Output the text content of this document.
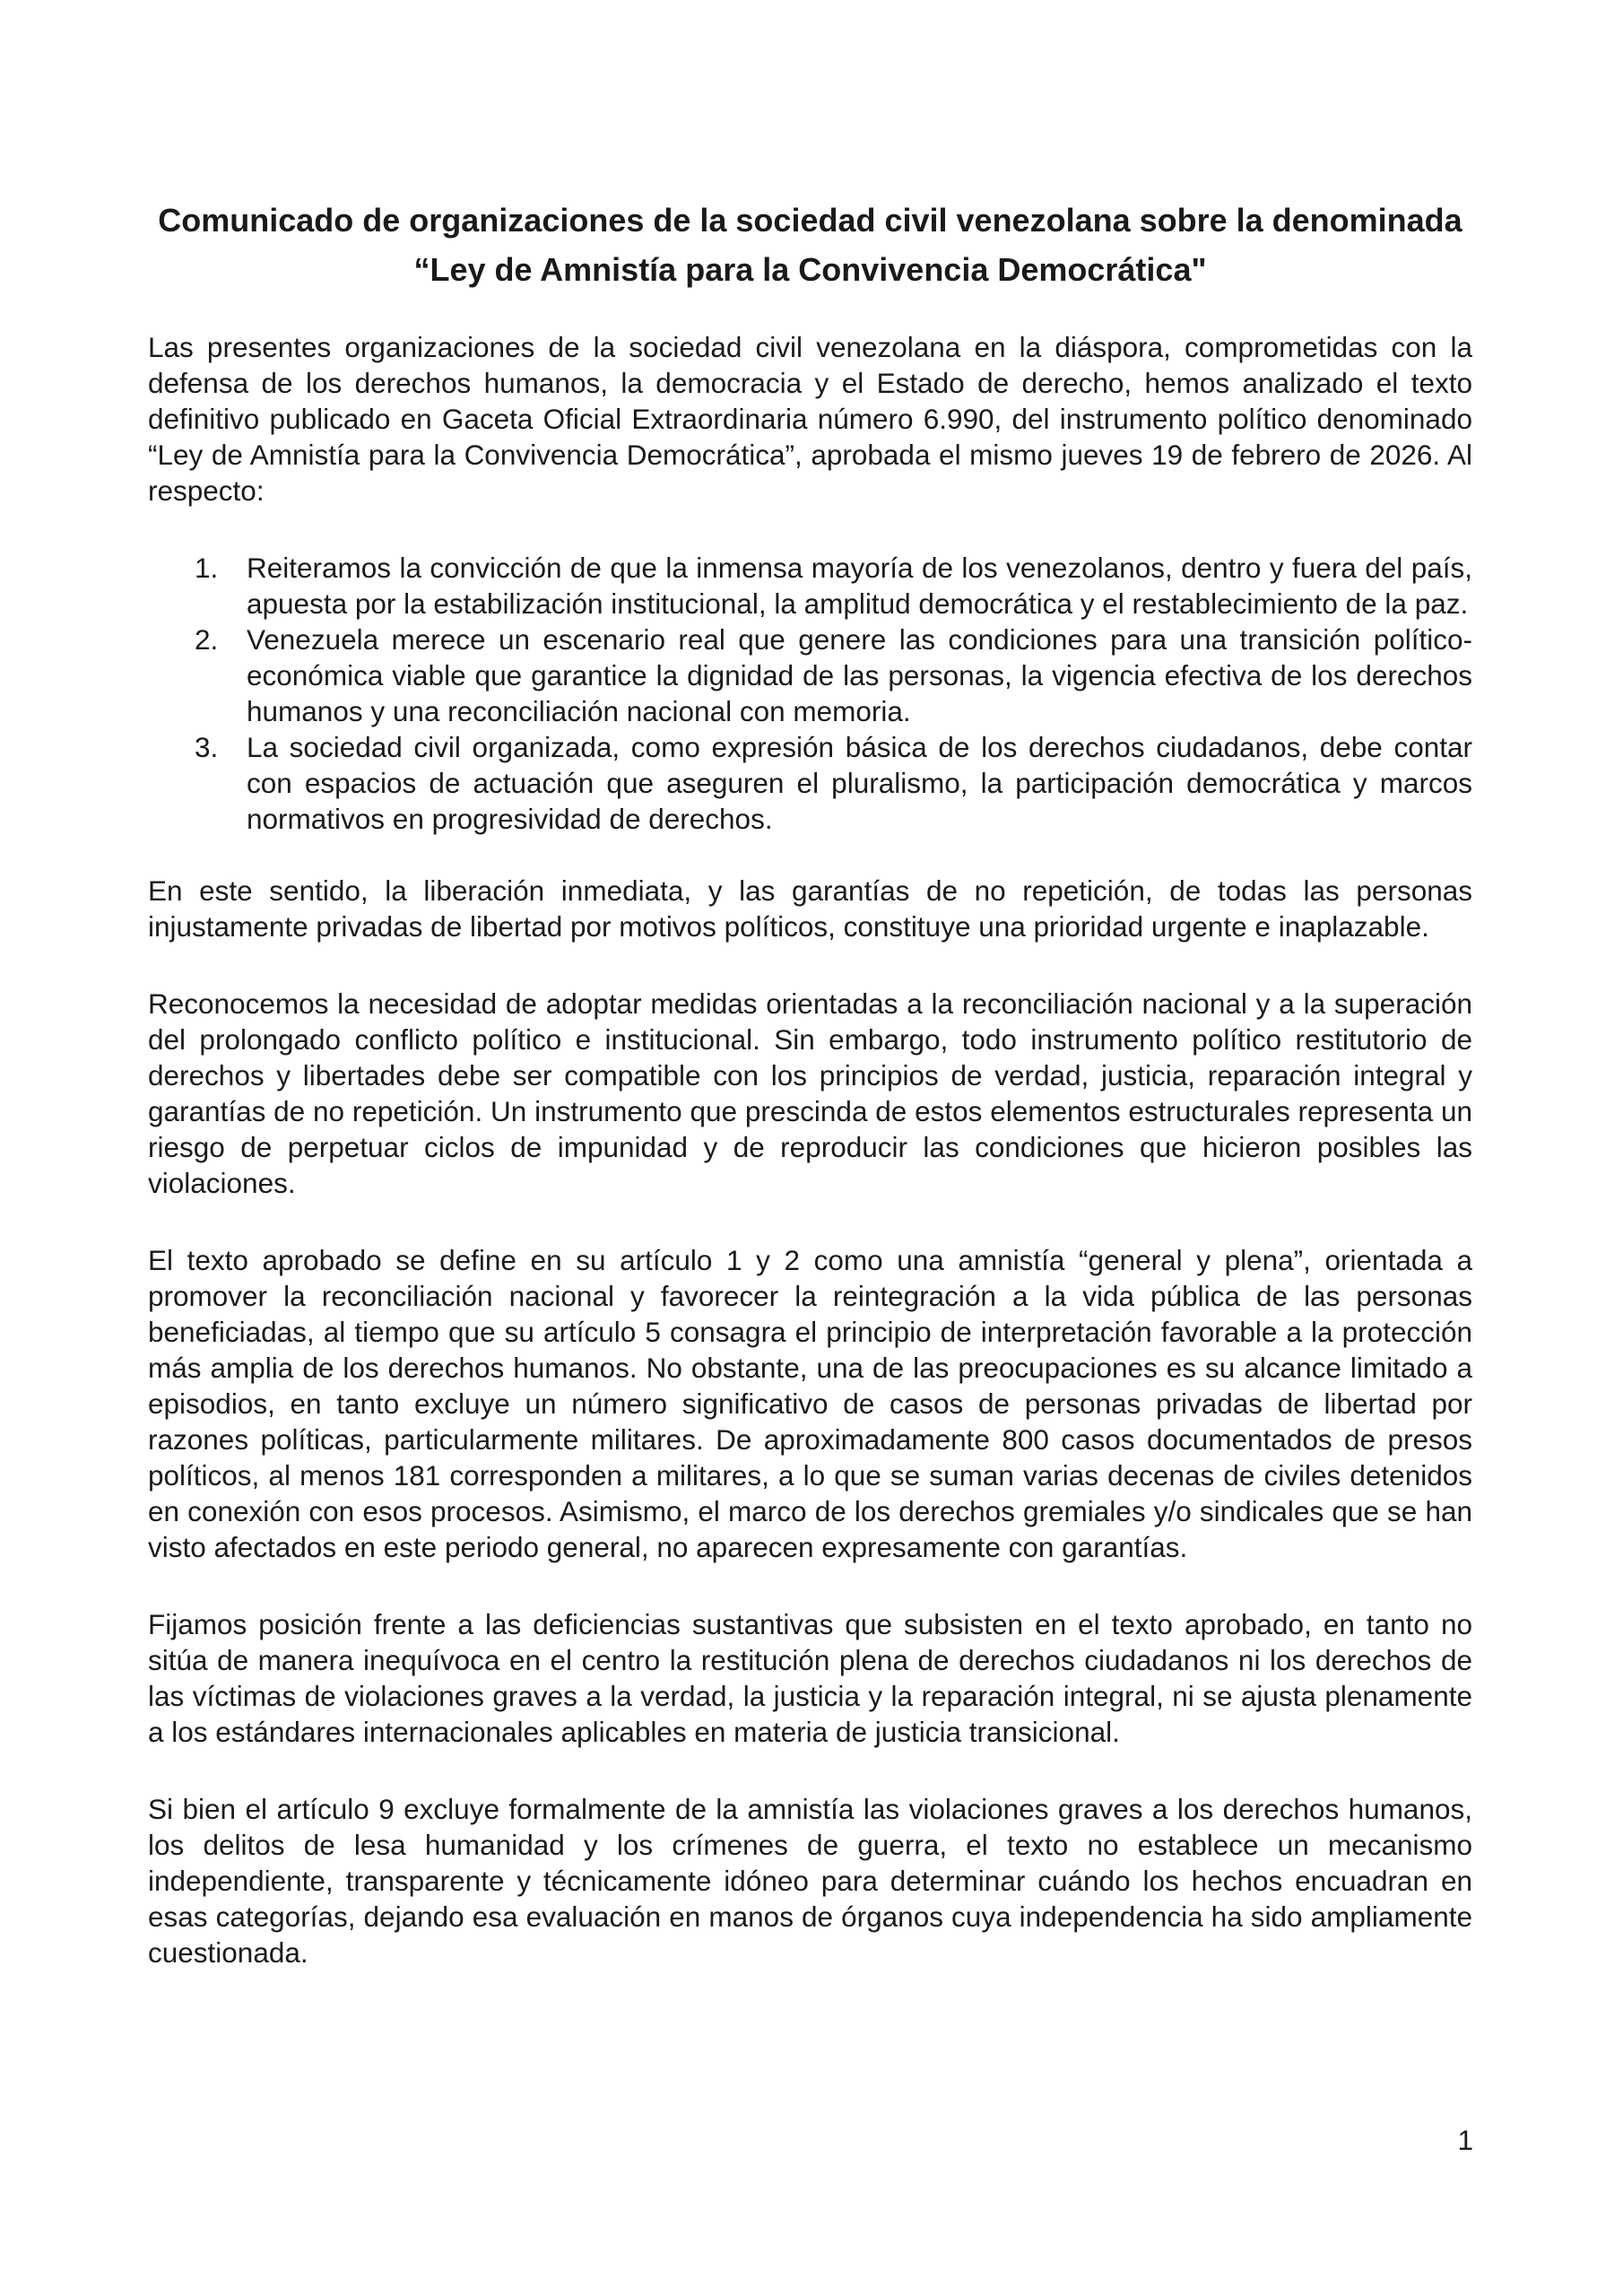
Comunicado de organizaciones de la sociedad civil venezolana sobre la denominada “Ley de Amnistía para la Convivencia Democrática"

Las presentes organizaciones de la sociedad civil venezolana en la diáspora, comprometidas con la defensa de los derechos humanos, la democracia y el Estado de derecho, hemos analizado el texto definitivo publicado en Gaceta Oficial Extraordinaria número 6.990, del instrumento político denominado “Ley de Amnistía para la Convivencia Democrática”, aprobada el mismo jueves 19 de febrero de 2026. Al respecto:

1. Reiteramos la convicción de que la inmensa mayoría de los venezolanos, dentro y fuera del país, apuesta por la estabilización institucional, la amplitud democrática y el restablecimiento de la paz.
2. Venezuela merece un escenario real que genere las condiciones para una transición político-económica viable que garantice la dignidad de las personas, la vigencia efectiva de los derechos humanos y una reconciliación nacional con memoria.
3. La sociedad civil organizada, como expresión básica de los derechos ciudadanos, debe contar con espacios de actuación que aseguren el pluralismo, la participación democrática y marcos normativos en progresividad de derechos.

En este sentido, la liberación inmediata, y las garantías de no repetición, de todas las personas injustamente privadas de libertad por motivos políticos, constituye una prioridad urgente e inaplazable.

Reconocemos la necesidad de adoptar medidas orientadas a la reconciliación nacional y a la superación del prolongado conflicto político e institucional. Sin embargo, todo instrumento político restitutorio de derechos y libertades debe ser compatible con los principios de verdad, justicia, reparación integral y garantías de no repetición. Un instrumento que prescinda de estos elementos estructurales representa un riesgo de perpetuar ciclos de impunidad y de reproducir las condiciones que hicieron posibles las violaciones.

El texto aprobado se define en su artículo 1 y 2 como una amnistía “general y plena”, orientada a promover la reconciliación nacional y favorecer la reintegración a la vida pública de las personas beneficiadas, al tiempo que su artículo 5 consagra el principio de interpretación favorable a la protección más amplia de los derechos humanos. No obstante, una de las preocupaciones es su alcance limitado a episodios, en tanto excluye un número significativo de casos de personas privadas de libertad por razones políticas, particularmente militares. De aproximadamente 800 casos documentados de presos políticos, al menos 181 corresponden a militares, a lo que se suman varias decenas de civiles detenidos en conexión con esos procesos. Asimismo, el marco de los derechos gremiales y/o sindicales que se han visto afectados en este periodo general, no aparecen expresamente con garantías.

Fijamos posición frente a las deficiencias sustantivas que subsisten en el texto aprobado, en tanto no sitúa de manera inequívoca en el centro la restitución plena de derechos ciudadanos ni los derechos de las víctimas de violaciones graves a la verdad, la justicia y la reparación integral, ni se ajusta plenamente a los estándares internacionales aplicables en materia de justicia transicional.

Si bien el artículo 9 excluye formalmente de la amnistía las violaciones graves a los derechos humanos, los delitos de lesa humanidad y los crímenes de guerra, el texto no establece un mecanismo independiente, transparente y técnicamente idóneo para determinar cuándo los hechos encuadran en esas categorías, dejando esa evaluación en manos de órganos cuya independencia ha sido ampliamente cuestionada.

1
